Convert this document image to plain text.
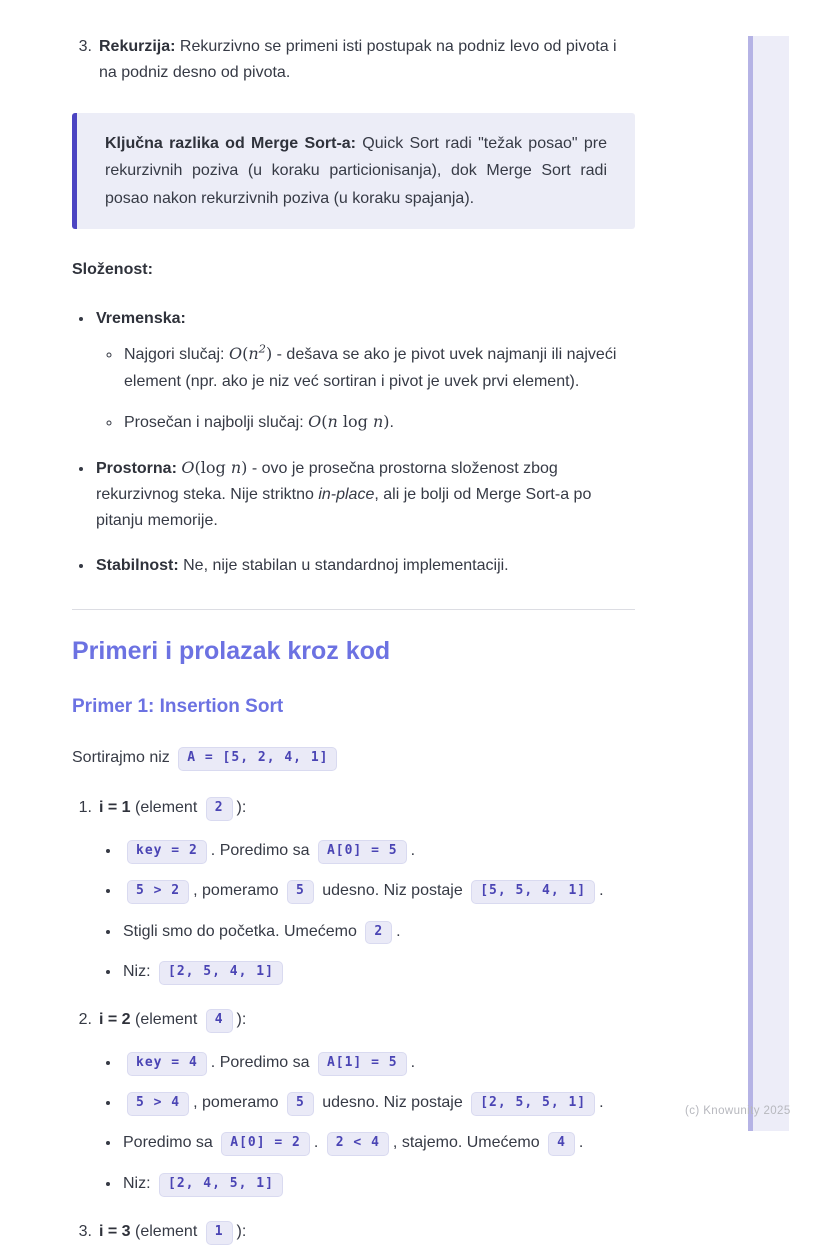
3. Rekurzija: Rekurzivno se primeni isti postupak na podniz levo od pivota i na podniz desno od pivota.
Ključna razlika od Merge Sort-a: Quick Sort radi "težak posao" pre rekurzivnih poziva (u koraku particionisanja), dok Merge Sort radi posao nakon rekurzivnih poziva (u koraku spajanja).

Složenost:

• Vremenska:
◦ Najgori slučaj: $O(n^2)$ - dešava se ako je pivot uvek najmanji ili najveći element (npr. ako je niz već sortiran i pivot je uvek prvi element).
◦ Prosečan i najbolji slučaj: O(n log n).
• Prostorna: O(log n) - ovo je prosečna prostorna složenost zbog rekurzivnog steka. Nije striktno in-place, ali je bolji od Merge Sort-a po pitanju memorije.
• Stabilnost: Ne, nije stabilan u standardnoj implementaciji.
Primeri i prolazak kroz kod
Primer 1: Insertion Sort

Sortirajmo niz A = [5, 2, 4, 1]

1. i = 1 (element 2 ):
• key = 2 . Poredimo sa A[0] = 5 .
• 5 > 2 , pomeramo 5 udesno. Niz postaje [5, 5, 4, 1] .
• Stigli smo do početka. Umećemo 2 .
• Niz: [2, 5, 4, 1]
2. i = 2 (element 4 ):
• key = 4 . Poredimo sa A[1] = 5 .
• 5 > 4 , pomeramo 5 udesno. Niz postaje [2, 5, 5, 1] .
• Poredimo sa A[0] = 2 . 2 < 4 , stajemo. Umećemo 4 .
• Niz: [2, 4, 5, 1]
3. i = 3 (element 1 ):
(c) Knowunity 2025
